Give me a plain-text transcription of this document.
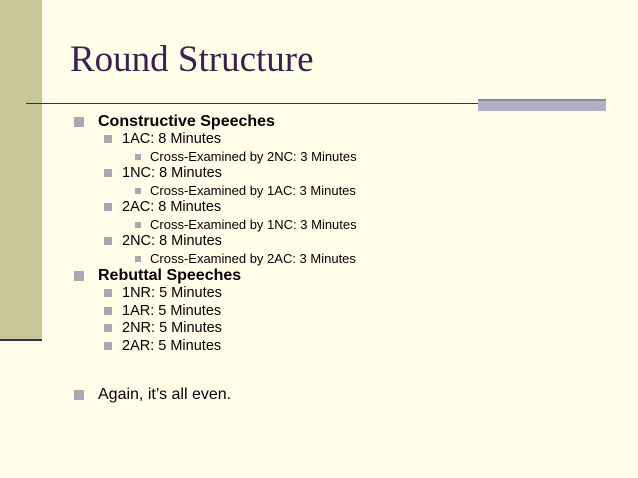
Round Structure
Constructive Speeches
1AC: 8 Minutes
Cross-Examined by 2NC: 3 Minutes
1NC: 8 Minutes
Cross-Examined by 1AC: 3 Minutes
2AC: 8 Minutes
Cross-Examined by 1NC: 3 Minutes
2NC: 8 Minutes
Cross-Examined by 2AC: 3 Minutes
Rebuttal Speeches
1NR: 5 Minutes
1AR: 5 Minutes
2NR: 5 Minutes
2AR: 5 Minutes
Again, it’s all even.
